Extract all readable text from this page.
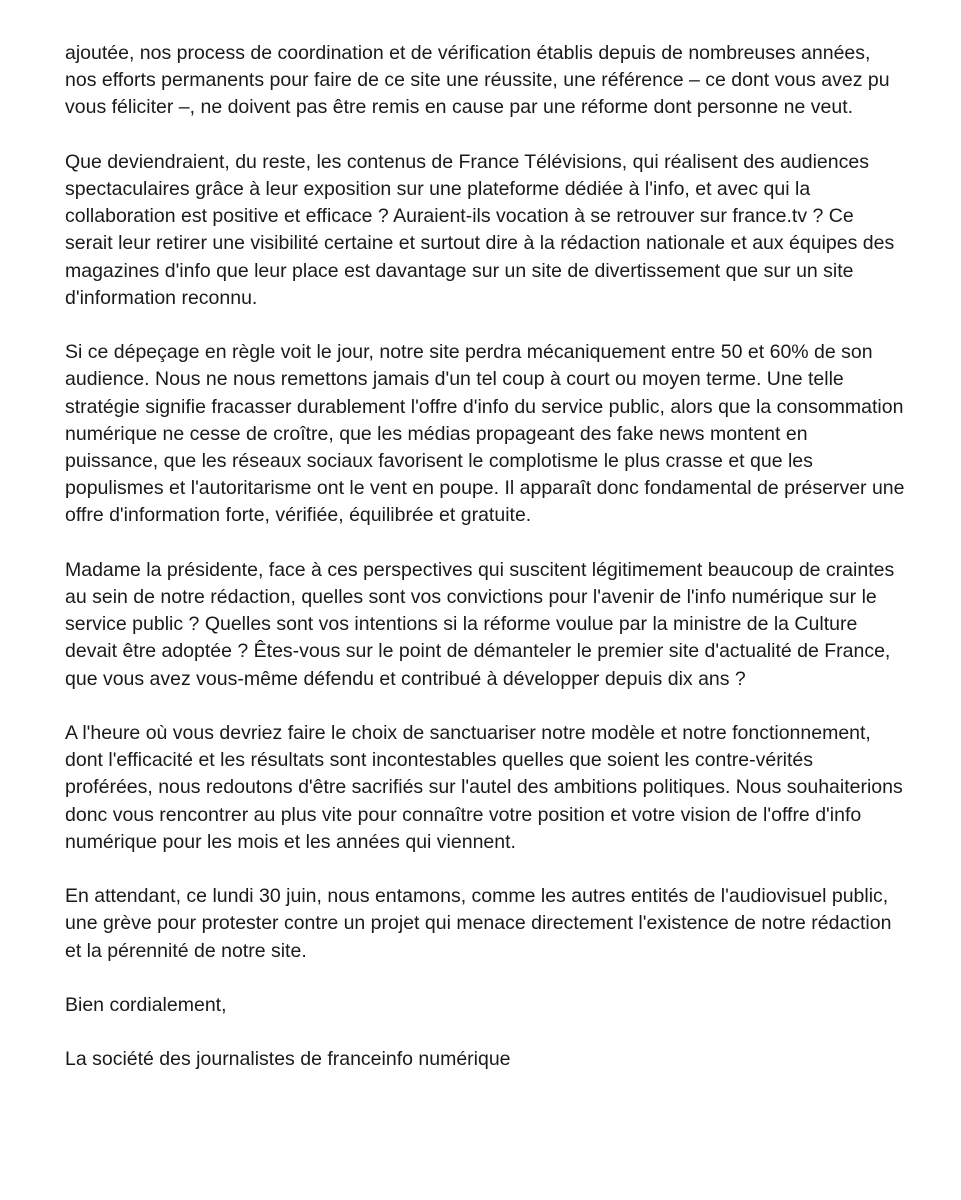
ajoutée, nos process de coordination et de vérification établis depuis de nombreuses années, nos efforts permanents pour faire de ce site une réussite, une référence – ce dont vous avez pu vous féliciter –, ne doivent pas être remis en cause par une réforme dont personne ne veut.

Que deviendraient, du reste, les contenus de France Télévisions, qui réalisent des audiences spectaculaires grâce à leur exposition sur une plateforme dédiée à l'info, et avec qui la collaboration est positive et efficace ? Auraient-ils vocation à se retrouver sur france.tv ? Ce serait leur retirer une visibilité certaine et surtout dire à la rédaction nationale et aux équipes des magazines d'info que leur place est davantage sur un site de divertissement que sur un site d'information reconnu.

Si ce dépeçage en règle voit le jour, notre site perdra mécaniquement entre 50 et 60% de son audience. Nous ne nous remettons jamais d'un tel coup à court ou moyen terme. Une telle stratégie signifie fracasser durablement l'offre d'info du service public, alors que la consommation numérique ne cesse de croître, que les médias propageant des fake news montent en puissance, que les réseaux sociaux favorisent le complotisme le plus crasse et que les populismes et l'autoritarisme ont le vent en poupe. Il apparaît donc fondamental de préserver une offre d'information forte, vérifiée, équilibrée et gratuite.

Madame la présidente, face à ces perspectives qui suscitent légitimement beaucoup de craintes au sein de notre rédaction, quelles sont vos convictions pour l'avenir de l'info numérique sur le service public ? Quelles sont vos intentions si la réforme voulue par la ministre de la Culture devait être adoptée ? Êtes-vous sur le point de démanteler le premier site d'actualité de France, que vous avez vous-même défendu et contribué à développer depuis dix ans ?

A l'heure où vous devriez faire le choix de sanctuariser notre modèle et notre fonctionnement, dont l'efficacité et les résultats sont incontestables quelles que soient les contre-vérités proférées, nous redoutons d'être sacrifiés sur l'autel des ambitions politiques. Nous souhaiterions donc vous rencontrer au plus vite pour connaître votre position et votre vision de l'offre d'info numérique pour les mois et les années qui viennent.

En attendant, ce lundi 30 juin, nous entamons, comme les autres entités de l'audiovisuel public, une grève pour protester contre un projet qui menace directement l'existence de notre rédaction et la pérennité de notre site.

Bien cordialement,

La société des journalistes de franceinfo numérique
